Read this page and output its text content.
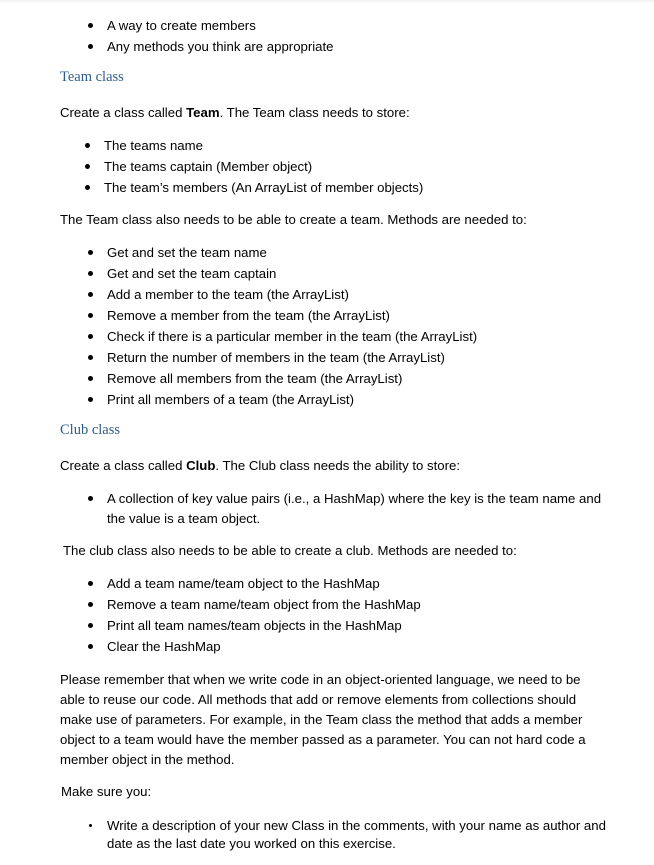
A way to create members
Any methods you think are appropriate
Team class
Create a class called Team. The Team class needs to store:
The teams name
The teams captain (Member object)
The team’s members (An ArrayList of member objects)
The Team class also needs to be able to create a team. Methods are needed to:
Get and set the team name
Get and set the team captain
Add a member to the team (the ArrayList)
Remove a member from the team (the ArrayList)
Check if there is a particular member in the team (the ArrayList)
Return the number of members in the team (the ArrayList)
Remove all members from the team (the ArrayList)
Print all members of a team (the ArrayList)
Club class
Create a class called Club. The Club class needs the ability to store:
A collection of key value pairs (i.e., a HashMap) where the key is the team name and
the value is a team object.
The club class also needs to be able to create a club. Methods are needed to:
Add a team name/team object to the HashMap
Remove a team name/team object from the HashMap
Print all team names/team objects in the HashMap
Clear the HashMap
Please remember that when we write code in an object-oriented language, we need to be
able to reuse our code. All methods that add or remove elements from collections should
make use of parameters. For example, in the Team class the method that adds a member
object to a team would have the member passed as a parameter. You can not hard code a
member object in the method.
Make sure you:
Write a description of your new Class in the comments, with your name as author and
date as the last date you worked on this exercise.
